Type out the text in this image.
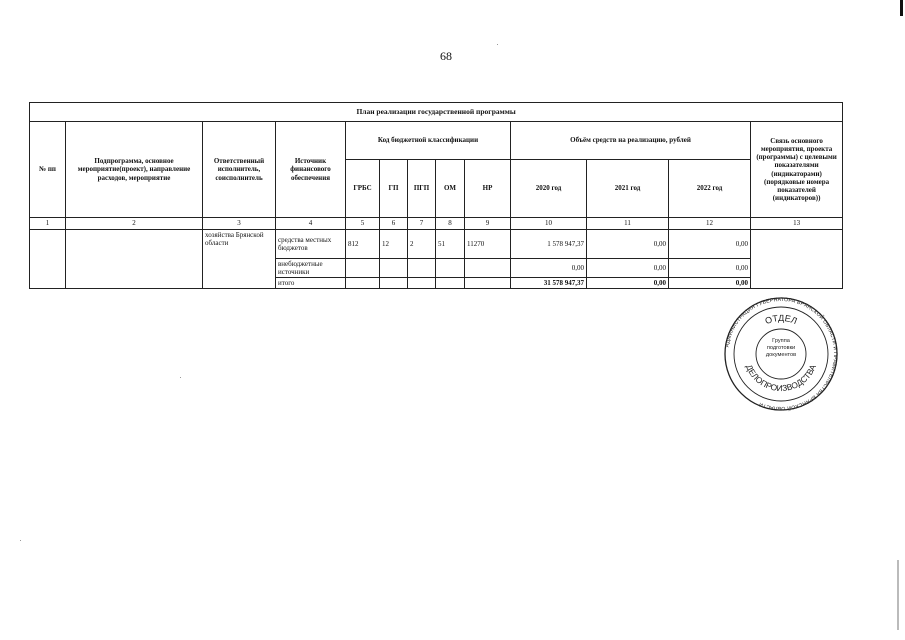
68
План реализации государственной программы												
№ пп	Подпрограмма, основное мероприятие(проект), направление расходов, мероприятие	Ответственный исполнитель, соисполнитель	Источник финансового обеспечения	Код бюджетной классификации					Объём средств на реализацию, рублей			Связь основного мероприятия, проекта (программы) с целевыми показателями (индикаторами) (порядковые номера показателей (индикаторов))
				ГРБС	ГП	ПГП	ОМ	НР	2020 год	2021 год	2022 год	
1	2	3	4	5	6	7	8	9	10	11	12	13
		хозяйства Брянской области	средства местных бюджетов	812	12	2	51	11270	1 578 947,37	0,00	0,00	
			внебюджетные источники						0,00	0,00	0,00	
			итого						31 578 947,37	0,00	0,00	
АДМИНИСТРАЦИЯ ГУБЕРНАТОРА БРЯНСКОЙ ОБЛАСТИ И ПРАВИТЕЛЬСТВА БРЯНСКОЙ ОБЛАСТИ
ОТДЕЛ
ДЕЛОПРОИЗВОДСТВА
Группа подготовки документов
